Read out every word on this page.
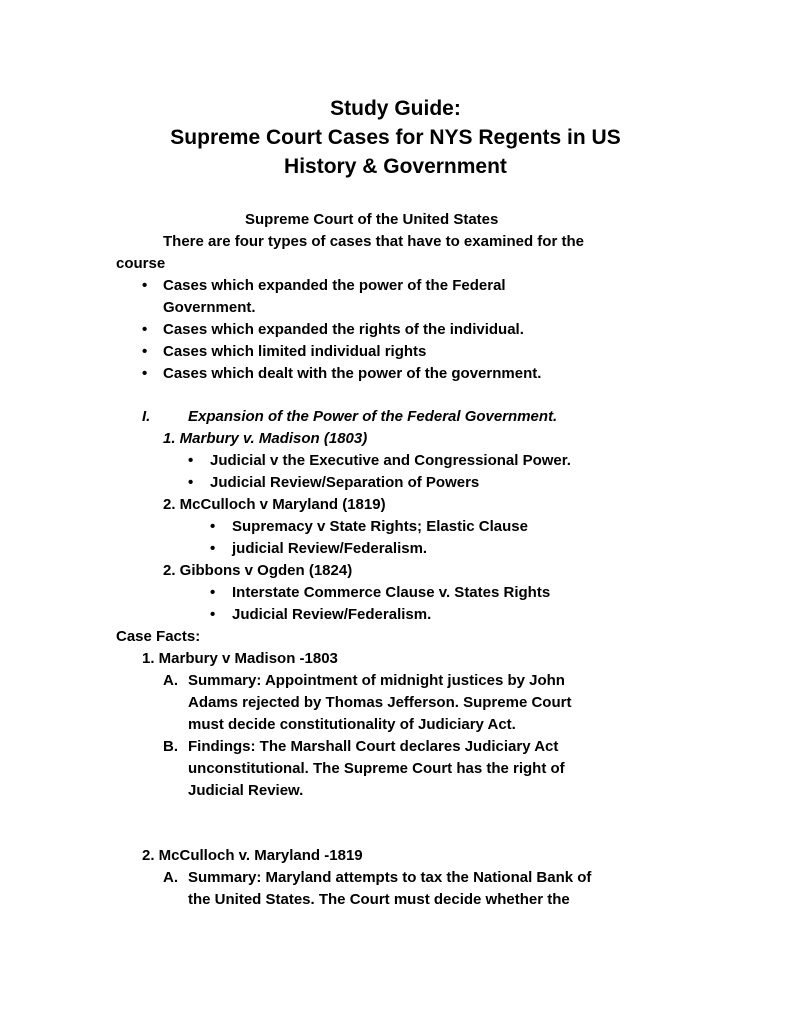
Study Guide:
Supreme Court Cases for NYS Regents in US
History & Government
Supreme Court of the United States
There are four types of cases that have to examined for the
course
• Cases which expanded the power of the Federal
Government.
• Cases which expanded the rights of the individual.
• Cases which limited individual rights
• Cases which dealt with the power of the government.
I.	Expansion of the Power of the Federal Government.
1. Marbury v. Madison (1803)
• Judicial v the Executive and Congressional Power.
• Judicial Review/Separation of Powers
2. McCulloch v Maryland (1819)
• Supremacy v State Rights; Elastic Clause
• judicial Review/Federalism.
2. Gibbons v Ogden (1824)
• Interstate Commerce Clause v. States Rights
• Judicial Review/Federalism.
Case Facts:
1. Marbury v Madison -1803
A. Summary: Appointment of midnight justices by John
Adams rejected by Thomas Jefferson. Supreme Court
must decide constitutionality of Judiciary Act.
B. Findings: The Marshall Court declares Judiciary Act
unconstitutional. The Supreme Court has the right of
Judicial Review.
2. McCulloch v. Maryland -1819
A. Summary: Maryland attempts to tax the National Bank of
the United States. The Court must decide whether the
